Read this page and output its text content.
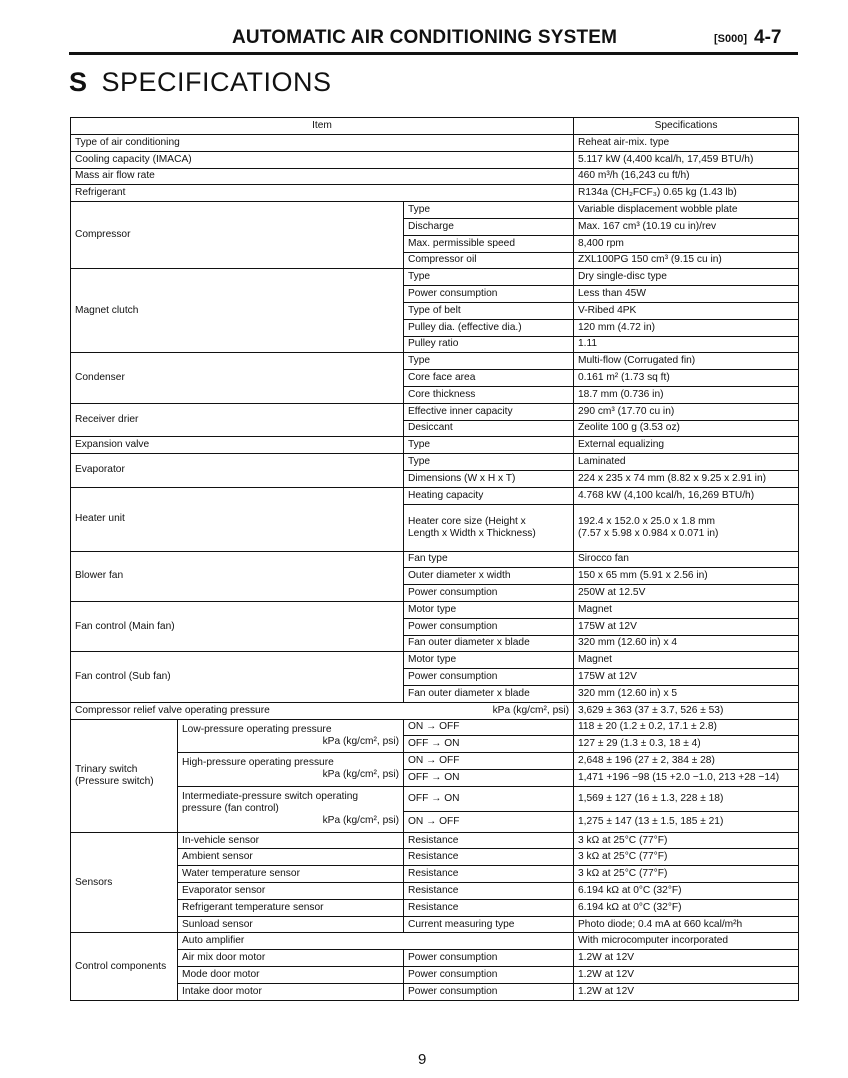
AUTOMATIC AIR CONDITIONING SYSTEM	[S000] 4-7
S SPECIFICATIONS
Item			Specifications
Type of air conditioning			Reheat air-mix. type
Cooling capacity (IMACA)			5.117 kW (4,400 kcal/h, 17,459 BTU/h)
Mass air flow rate			460 m³/h (16,243 cu ft/h)
Refrigerant			R134a (CH₂FCF₃) 0.65 kg (1.43 lb)
Compressor		Type	Variable displacement wobble plate
		Discharge	Max. 167 cm³ (10.19 cu in)/rev
		Max. permissible speed	8,400 rpm
		Compressor oil	ZXL100PG 150 cm³ (9.15 cu in)
Magnet clutch		Type	Dry single-disc type
		Power consumption	Less than 45W
		Type of belt	V-Ribed 4PK
		Pulley dia. (effective dia.)	120 mm (4.72 in)
		Pulley ratio	1.11
Condenser		Type	Multi-flow (Corrugated fin)
		Core face area	0.161 m² (1.73 sq ft)
		Core thickness	18.7 mm (0.736 in)
Receiver drier		Effective inner capacity	290 cm³ (17.70 cu in)
		Desiccant	Zeolite 100 g (3.53 oz)
Expansion valve		Type	External equalizing
Evaporator		Type	Laminated
		Dimensions (W x H x T)	224 x 235 x 74 mm (8.82 x 9.25 x 2.91 in)
Heater unit		Heating capacity	4.768 kW (4,100 kcal/h, 16,269 BTU/h)
		Heater core size (Height x Length x Width x Thickness)	192.4 x 152.0 x 25.0 x 1.8 mm
(7.57 x 5.98 x 0.984 x 0.071 in)

Blower fan		Fan type	Sirocco fan
		Outer diameter x width	150 x 65 mm (5.91 x 2.56 in)
		Power consumption	250W at 12.5V
Fan control (Main fan)		Motor type	Magnet
		Power consumption	175W at 12V
		Fan outer diameter x blade	320 mm (12.60 in) x 4
Fan control (Sub fan)		Motor type	Magnet
		Power consumption	175W at 12V
		Fan outer diameter x blade	320 mm (12.60 in) x 5

Compressor relief valve operating pressure kPa (kg/cm², psi)			3,629 ± 363 (37 ± 3.7, 526 ± 53)
Trinary switch (Pressure switch)	Low-pressure operating pressure
kPa (kg/cm², psi)	ON → OFF	118 ± 20 (1.2 ± 0.2, 17.1 ± 2.8)
		OFF → ON	127 ± 29 (1.3 ± 0.3, 18 ± 4)

	High-pressure operating pressure
kPa (kg/cm², psi)	ON → OFF	2,648 ± 196 (27 ± 2, 384 ± 28)
		OFF → ON	1,471 +196 −98 (15 +2.0 −1.0, 213 +28 −14)

	Intermediate-pressure switch operating pressure (fan control)
kPa (kg/cm², psi)	OFF → ON	1,569 ± 127 (16 ± 1.3, 228 ± 18)
		ON → OFF	1,275 ± 147 (13 ± 1.5, 185 ± 21)
Sensors	In-vehicle sensor	Resistance	3 kΩ at 25°C (77°F)
	Ambient sensor	Resistance	3 kΩ at 25°C (77°F)
	Water temperature sensor	Resistance	3 kΩ at 25°C (77°F)
	Evaporator sensor	Resistance	6.194 kΩ at 0°C (32°F)
	Refrigerant temperature sensor	Resistance	6.194 kΩ at 0°C (32°F)
	Sunload sensor	Current measuring type	Photo diode; 0.4 mA at 660 kcal/m²h
Control components	Auto amplifier		With microcomputer incorporated
	Air mix door motor	Power consumption	1.2W at 12V
	Mode door motor	Power consumption	1.2W at 12V
	Intake door motor	Power consumption	1.2W at 12V
9
